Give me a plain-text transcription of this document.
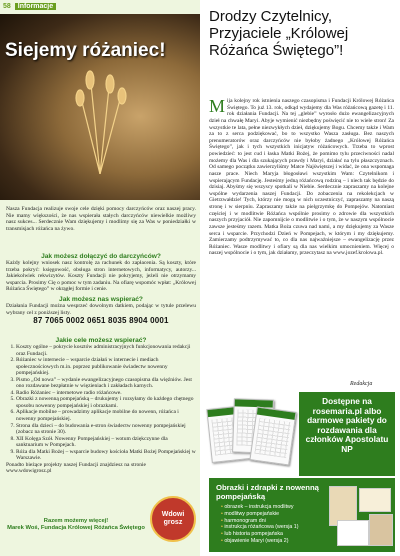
58 Informacje
Siejemy różaniec!
Nasza Fundacja realizuje swoje cele dzięki pomocy darczyńców oraz naszej pracy. Nie mamy większości, że nas wspierała stałych darczyńców niewielkie możliwy nasz sukces... Serdecznie Wam dziękujemy i modlimy się za Was w poniedziałki w transmisjach różańca na żywo.
Jak możesz dołączyć do darczyńców?
Każdy kolejny wniosek nasz kontrolę za rachunek do zapłacenia. Są koszty, które trzeba pokryć: księgowość, obsługa stron internetowych, informatycy, autorzy... Jakiekolwiek rekwizytów. Koszty Fundacji nie pokryjemy, jeżeli nie otrzymamy wsparcia. Prosimy Cię o pomoc w tym zadaniu. Na ofiarę wspomóc wpłat: „Królowej Różańca Świętego” w okrągłej formie i cenie.
Jak możesz nas wspierać?
Działania Fundacji można wesprzeć dowolnym datkiem, podając w tytule przelewu wybrany cel z poniższej listy.
87 7065 0002 0651 8035 8904 0001
Jakie cele możesz wspierać?
1. Koszty ogólne – pokrycie kosztów administracyjnych funkcjonowania redakcji oraz Fundacji.
2. Różaniec w internecie – wsparcie działań w internecie i mediach społecznościowych m.in. poprzez publikowanie świadectw nowenny pompejańskiej.
3. Pismo „Od nowa” – wydanie ewangelizacyjnego czasopisma dla więźniów. Jest ono rozdawane bezpłatnie w więzieniach i zakładach karnych.
4. Radio Różaniec – internetowe radio różańcowe.
5. Obrazki z nowenną pompejańską – drukujemy i rozsyłamy do każdego chętnego sposobu nowenny pompejańskiej i obrazkami.
6. Aplikacje mobilne – prowadzimy aplikacje mobilne do nowenn, różańca i nowenny pompejańskiej.
7. Strona dla dzieci – do budowania e-stron świadectw nowenny pompejańskiej (zobacz na stronie 30).
8. XII Kolęga Szół. Nowenny Pompejańskiej – wotum dziękczynne dla sanktuarium w Pompejach.
9. Róża dla Matki Bożej – wsparcie budowy kościoła Matki Bożej Pompejańskiej w Warszawie.
Ponadto bieżące projekty naszej Fundacji znajdziesz na stronie www.wdowigrosz.pl
Razem możemy więcej!
Marek Woś, Fundacja Królowej Różańca Świętego
Wdowi grosz
Drodzy Czytelnicy,
Przyjaciele „Królowej
Różańca Świętego”!
M ija kolejny rok istnienia naszego czasopisma i Fundacji Królowej Różańca Świętego. To już 13. rok, odkąd wydajemy dla Was różańcową gazetę i 11. rok działania Fundacji. Na tej „glebie” wyrosło dużo ewangelizacyjnych dzieł na chwałę Maryi. Abyje wymienić niezbędny poświęcić nie to wiele stron! Za wszystkie te lata, pełne niezwykłych dzieł, dziękujemy Bogu. Chcemy także i Wam za to z serca podziękować, bo to wszystko Wasza zasługa. Bez naszych prenumeratorów oraz darczyńców nie byłoby żadnego „Królowej Różańca Świętego”, jak i tych wszystkich inicjatyw różańcowych. Trzeba to wprost powiedzieć: to jest cud i łaska Matki Bożej, że pomimo tylu przeciwności nadal możemy dla Was i dla szukających prawdy i Maryi, działać na tylu płaszczyznach. Od samego początku zawierzyliśmy Matce Najświętszej i widać, że ona wspomaga nasze prace. Niech Maryja błogosławi wszystkim Wam: Czytelnikom i wspierającym Fundację. Jesteśmy jedną różańcową rodziną – i niech tak będzie do dzisiaj. Abyśmy się wszyscy spotkali w Niebie. Serdecznie zapraszamy na kolejne wspólne wydarzenia naszej Fundacji. Do zobaczenia na rekolekcjach w Gietrzwałdzie! Tych, którzy nie mogą w nich uczestniczyć, zapraszamy na naszą stronę i w sierpniu. Zapraszamy także na pielgrzymkę do Pompejów. Natomiast częściej i w modlitwie Różańca wspólnie prosimy o zdrowie dla wszystkich naszych przyjaciół. Nie zapomnijcie o modlitwie i o tym, że w naszym wspólnocie zawsze jesteśmy razem. Matka Boża czuwa nad nami, a my dziękujemy za Wasze serca i wsparcie. Przychodzi Dzień w Pompejach, w którym i my dziękujemy. Zamierzamy podtrzymywać to, co dla nas najważniejsze – ewangelizację przez Różaniec. Wasze modlitwy i ofiary są dla nas wielkim umocnieniem. Więcej o naszej wspólnocie i o tym, jak działamy, przeczytasz na www.jozef.krolowa.pl.
Redakcja
Dostępne na rosemaria.pl albo darmowe pakiety do rozdawania dla członków Apostolatu NP
Obrazki i zdrapki z nowenną pompejańską
• obrazek – instrukcja modlitwy
• modlitwy pompejańskie
• harmonogram dni
• instrukcja różańcowa (wersja 1)
• lub historia pompejańska
• objawienie Maryi (wersja 2)
